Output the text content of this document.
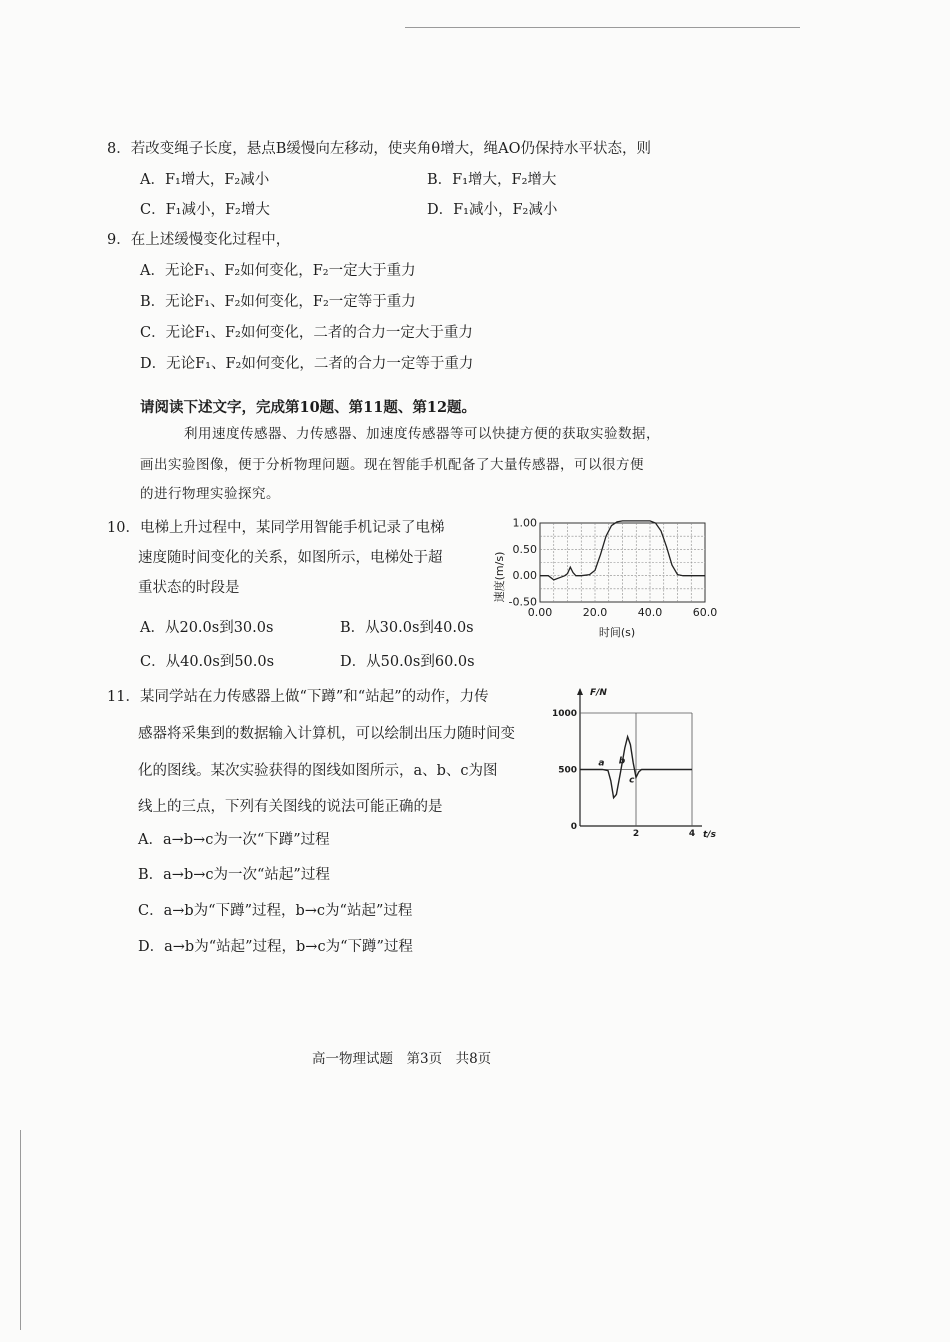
8．若改变绳子长度，悬点B缓慢向左移动，使夹角θ增大，绳AO仍保持水平状态，则
A．F₁增大，F₂减小	B．F₁增大，F₂增大
C．F₁减小，F₂增大	D．F₁减小，F₂减小
9．在上述缓慢变化过程中，
A．无论F₁、F₂如何变化，F₂一定大于重力
B．无论F₁、F₂如何变化，F₂一定等于重力
C．无论F₁、F₂如何变化，二者的合力一定大于重力
D．无论F₁、F₂如何变化，二者的合力一定等于重力
请阅读下述文字，完成第10题、第11题、第12题。
利用速度传感器、力传感器、加速度传感器等可以快捷方便的获取实验数据，
画出实验图像，便于分析物理问题。现在智能手机配备了大量传感器，可以很方便
的进行物理实验探究。
10．电梯上升过程中，某同学用智能手机记录了电梯
速度随时间变化的关系，如图所示，电梯处于超
重状态的时段是
A．从20.0s到30.0s	B．从30.0s到40.0s
C．从40.0s到50.0s	D．从50.0s到60.0s
1.00
0.50
0.00
-0.50
0.00	20.0	40.0	60.0
速度(m/s)
时间(s)
11．某同学站在力传感器上做“下蹲”和“站起”的动作，力传
感器将采集到的数据输入计算机，可以绘制出压力随时间变
化的图线。某次实验获得的图线如图所示，a、b、c为图
线上的三点，下列有关图线的说法可能正确的是
A．a→b→c为一次“下蹲”过程
B．a→b→c为一次“站起”过程
C．a→b为“下蹲”过程，b→c为“站起”过程
D．a→b为“站起”过程，b→c为“下蹲”过程
1000
500
0
2	4
F/N
t/s
a b
c
高一物理试题　第3页　共8页
